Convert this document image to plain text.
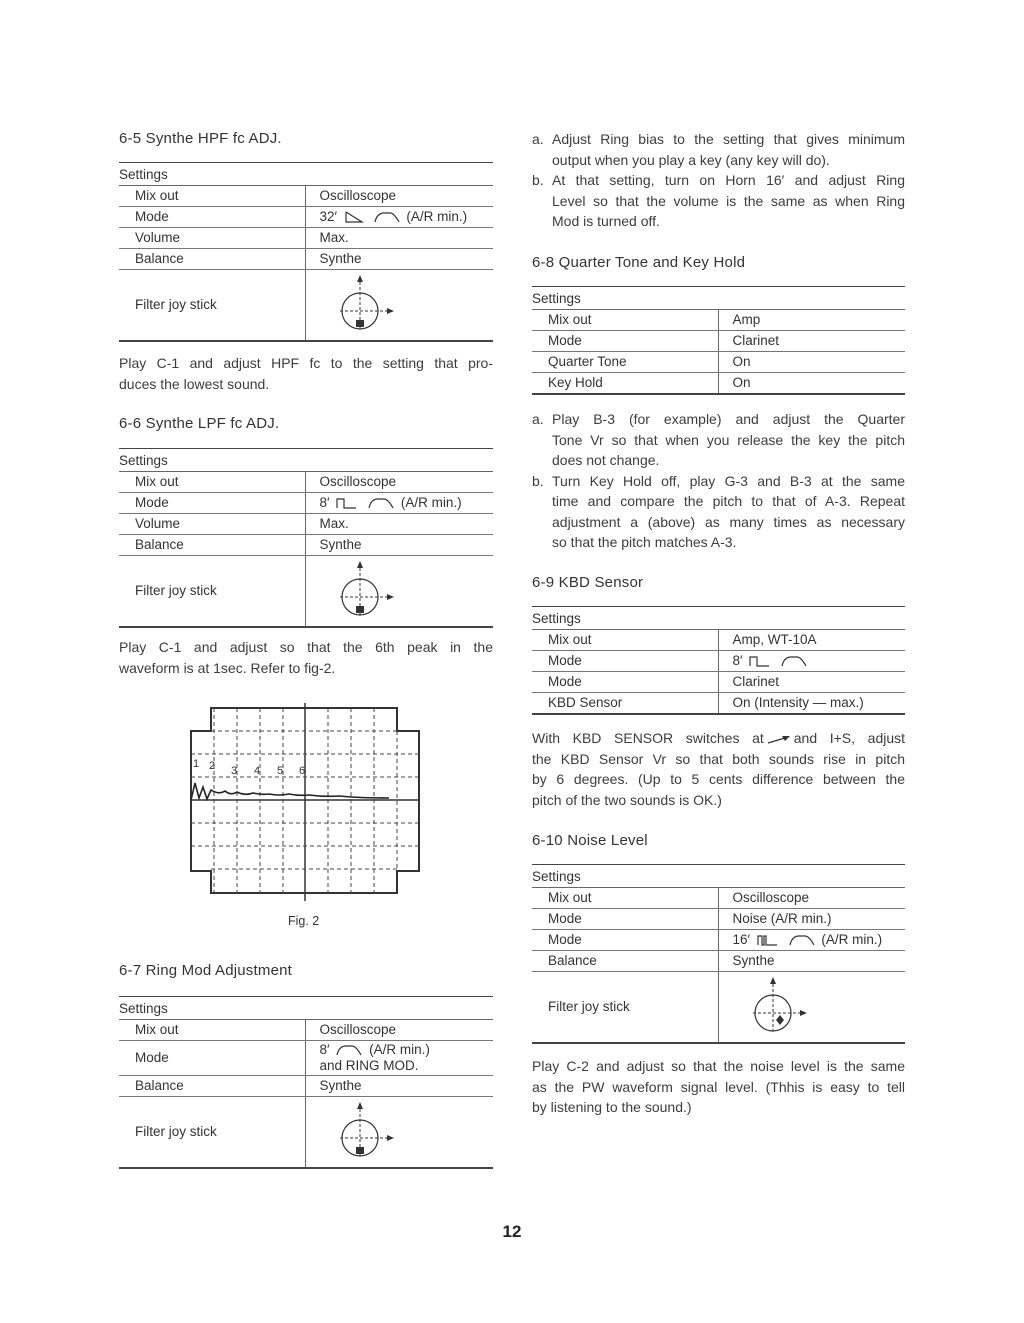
6-5 Synthe HPF fc ADJ.
Settings	
Mix out	Oscilloscope
Mode	32′ (A/R min.)
Volume	Max.
Balance	Synthe
Filter joy stick	
Play C-1 and adjust HPF fc to the setting that pro-
duces the lowest sound.
6-6 Synthe LPF fc ADJ.
Settings	
Mix out	Oscilloscope
Mode	8′ (A/R min.)
Volume	Max.
Balance	Synthe
Filter joy stick	
Play C-1 and adjust so that the 6th peak in the
waveform is at 1sec. Refer to fig-2.
1 2 3 4 5 6
Fig. 2
6-7 Ring Mod Adjustment
Settings	
Mix out	Oscilloscope
Mode	8′ (A/R min.)
and RING MOD.
Balance	Synthe
Filter joy stick	
a. Adjust Ring bias to the setting that gives minimum
output when you play a key (any key will do).
b. At that setting, turn on Horn 16′ and adjust Ring
Level so that the volume is the same as when Ring
Mod is turned off.
6-8 Quarter Tone and Key Hold
Settings	
Mix out	Amp
Mode	Clarinet
Quarter Tone	On
Key Hold	On
a. Play B-3 (for example) and adjust the Quarter
Tone Vr so that when you release the key the pitch
does not change.
b. Turn Key Hold off, play G-3 and B-3 at the same
time and compare the pitch to that of A-3. Repeat
adjustment a (above) as many times as necessary
so that the pitch matches A-3.
6-9 KBD Sensor
Settings	
Mix out	Amp, WT-10A
Mode	8′
Mode	Clarinet
KBD Sensor	On (Intensity — max.)
With KBD SENSOR switches at and I+S, adjust
the KBD Sensor Vr so that both sounds rise in pitch
by 6 degrees. (Up to 5 cents difference between the
pitch of the two sounds is OK.)
6-10 Noise Level
Settings	
Mix out	Oscilloscope
Mode	Noise (A/R min.)
Mode	16′ (A/R min.)
Balance	Synthe
Filter joy stick	
Play C-2 and adjust so that the noise level is the same
as the PW waveform signal level. (Thhis is easy to tell
by listening to the sound.)
12
